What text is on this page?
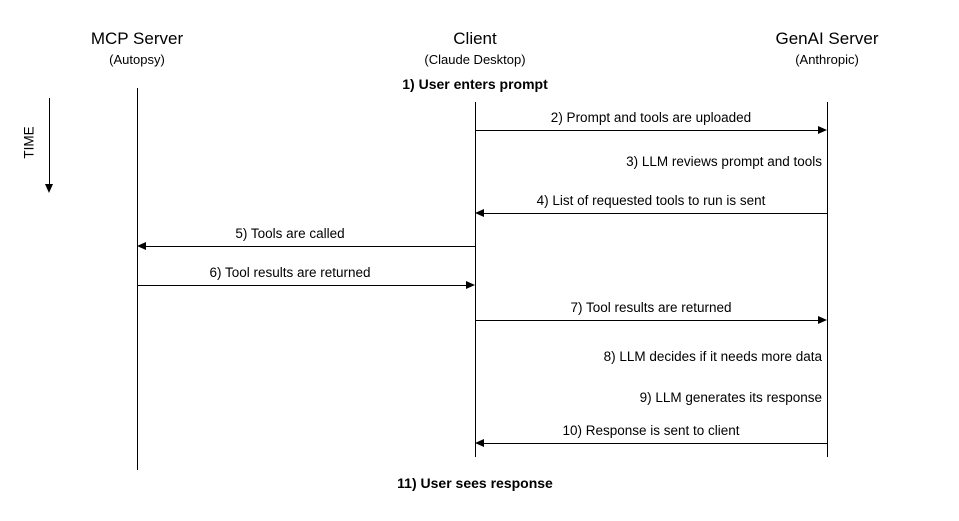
MCP Server
(Autopsy)
Client
(Claude Desktop)
GenAI Server
(Anthropic)
TIME
1) User enters prompt
2) Prompt and tools are uploaded
3) LLM reviews prompt and tools
4) List of requested tools to run is sent
5) Tools are called
6) Tool results are returned
7) Tool results are returned
8) LLM decides if it needs more data
9) LLM generates its response
10) Response is sent to client
11) User sees response
